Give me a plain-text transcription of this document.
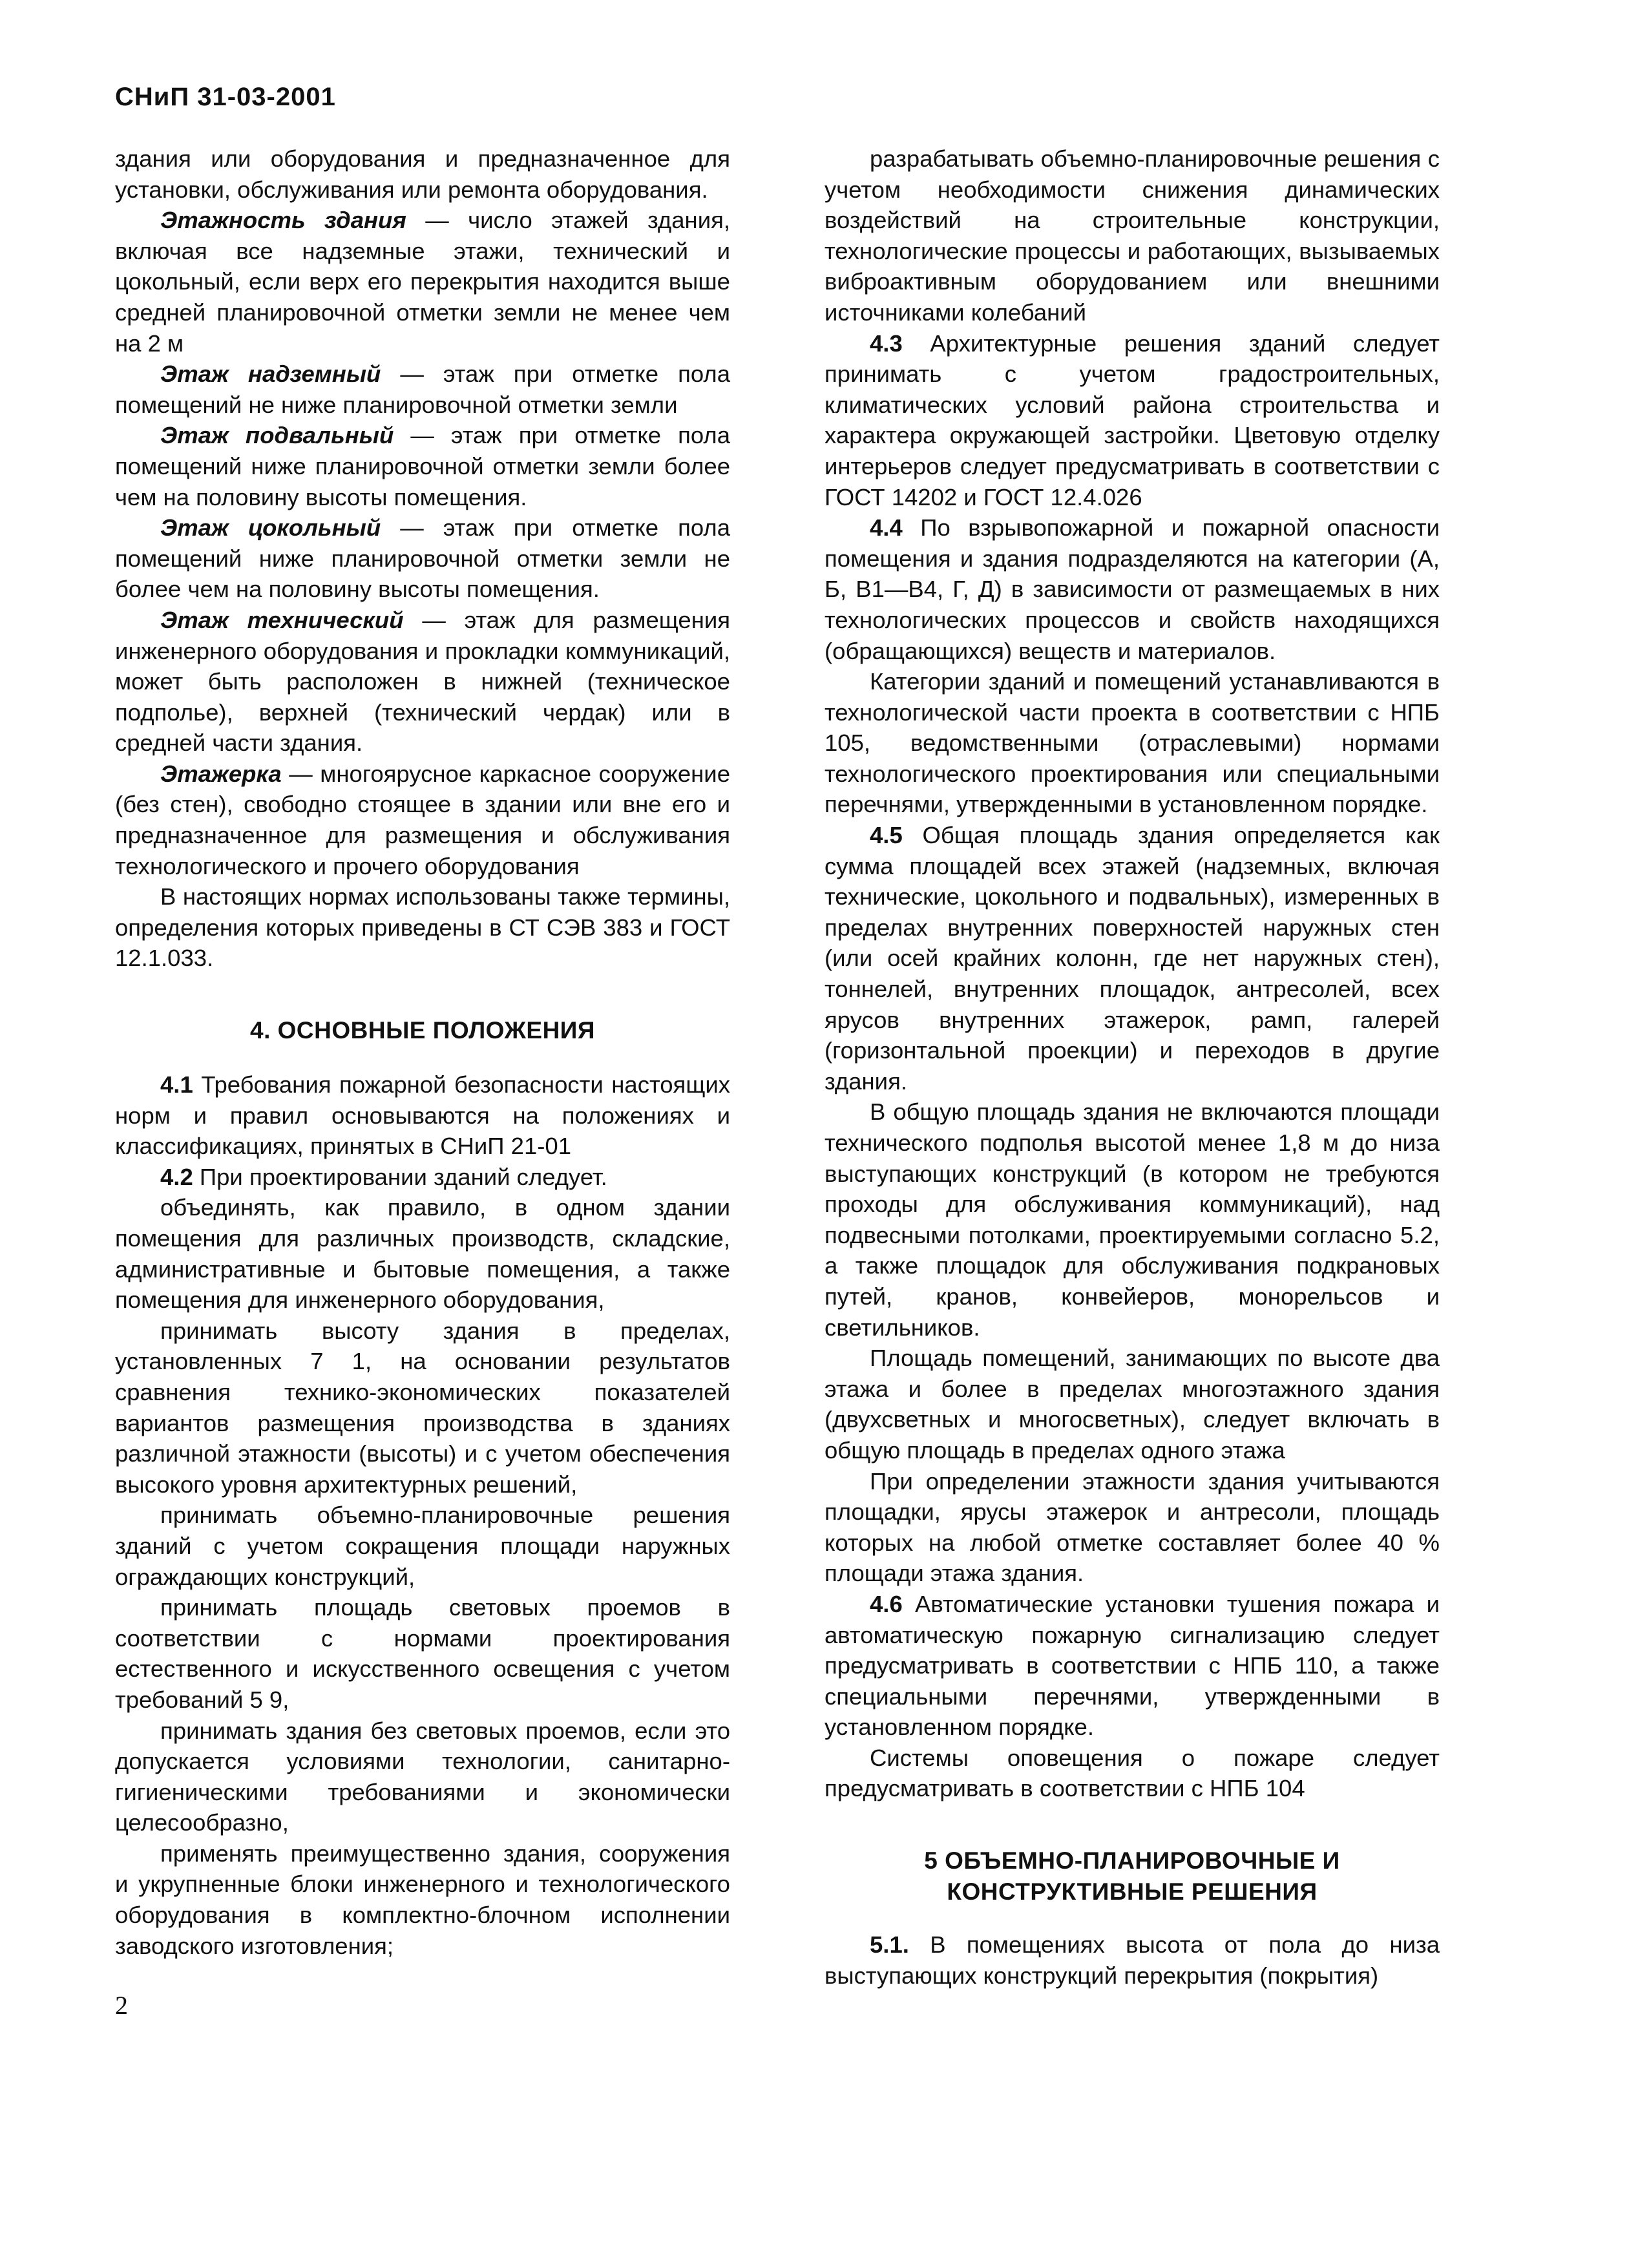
СНиП 31-03-2001

здания или оборудования и предназначенное для установки, обслуживания или ремонта оборудования.

Этажность здания — число этажей здания, включая все надземные этажи, технический и цокольный, если верх его перекрытия находится выше средней планировочной отметки земли не менее чем на 2 м

Этаж надземный — этаж при отметке пола помещений не ниже планировочной отметки земли

Этаж подвальный — этаж при отметке пола помещений ниже планировочной отметки земли более чем на половину высоты помещения.

Этаж цокольный — этаж при отметке пола помещений ниже планировочной отметки земли не более чем на половину высоты помещения.

Этаж технический — этаж для размещения инженерного оборудования и прокладки коммуникаций, может быть расположен в нижней (техническое подполье), верхней (технический чердак) или в средней части здания.

Этажерка — многоярусное каркасное сооружение (без стен), свободно стоящее в здании или вне его и предназначенное для размещения и обслуживания технологического и прочего оборудования

В настоящих нормах использованы также термины, определения которых приведены в СТ СЭВ 383 и ГОСТ 12.1.033.

4. ОСНОВНЫЕ ПОЛОЖЕНИЯ

4.1 Требования пожарной безопасности настоящих норм и правил основываются на положениях и классификациях, принятых в СНиП 21-01

4.2 При проектировании зданий следует.

объединять, как правило, в одном здании помещения для различных производств, складские, административные и бытовые помещения, а также помещения для инженерного оборудования,

принимать высоту здания в пределах, установленных 7 1, на основании результатов сравнения технико-экономических показателей вариантов размещения производства в зданиях различной этажности (высоты) и с учетом обеспечения высокого уровня архитектурных решений,

принимать объемно-планировочные решения зданий с учетом сокращения площади наружных ограждающих конструкций,

принимать площадь световых проемов в соответствии с нормами проектирования естественного и искусственного освещения с учетом требований 5 9,

принимать здания без световых проемов, если это допускается условиями технологии, санитарно-гигиеническими требованиями и экономически целесообразно,

применять преимущественно здания, сооружения и укрупненные блоки инженерного и технологического оборудования в комплектно-блочном исполнении заводского изготовления;

разрабатывать объемно-планировочные решения с учетом необходимости снижения динамических воздействий на строительные конструкции, технологические процессы и работающих, вызываемых виброактивным оборудованием или внешними источниками колебаний

4.3 Архитектурные решения зданий следует принимать с учетом градостроительных, климатических условий района строительства и характера окружающей застройки. Цветовую отделку интерьеров следует предусматривать в соответствии с ГОСТ 14202 и ГОСТ 12.4.026

4.4 По взрывопожарной и пожарной опасности помещения и здания подразделяются на категории (А, Б, В1—В4, Г, Д) в зависимости от размещаемых в них технологических процессов и свойств находящихся (обращающихся) веществ и материалов.

Категории зданий и помещений устанавливаются в технологической части проекта в соответствии с НПБ 105, ведомственными (отраслевыми) нормами технологического проектирования или специальными перечнями, утвержденными в установленном порядке.

4.5 Общая площадь здания определяется как сумма площадей всех этажей (надземных, включая технические, цокольного и подвальных), измеренных в пределах внутренних поверхностей наружных стен (или осей крайних колонн, где нет наружных стен), тоннелей, внутренних площадок, антресолей, всех ярусов внутренних этажерок, рамп, галерей (горизонтальной проекции) и переходов в другие здания.

В общую площадь здания не включаются площади технического подполья высотой менее 1,8 м до низа выступающих конструкций (в котором не требуются проходы для обслуживания коммуникаций), над подвесными потолками, проектируемыми согласно 5.2, а также площадок для обслуживания подкрановых путей, кранов, конвейеров, монорельсов и светильников.

Площадь помещений, занимающих по высоте два этажа и более в пределах многоэтажного здания (двухсветных и многосветных), следует включать в общую площадь в пределах одного этажа

При определении этажности здания учитываются площадки, ярусы этажерок и антресоли, площадь которых на любой отметке составляет более 40 % площади этажа здания.

4.6 Автоматические установки тушения пожара и автоматическую пожарную сигнализацию следует предусматривать в соответствии с НПБ 110, а также специальными перечнями, утвержденными в установленном порядке.

Системы оповещения о пожаре следует предусматривать в соответствии с НПБ 104

5 ОБЪЕМНО-ПЛАНИРОВОЧНЫЕ И
КОНСТРУКТИВНЫЕ РЕШЕНИЯ

5.1. В помещениях высота от пола до низа выступающих конструкций перекрытия (покрытия)

2
